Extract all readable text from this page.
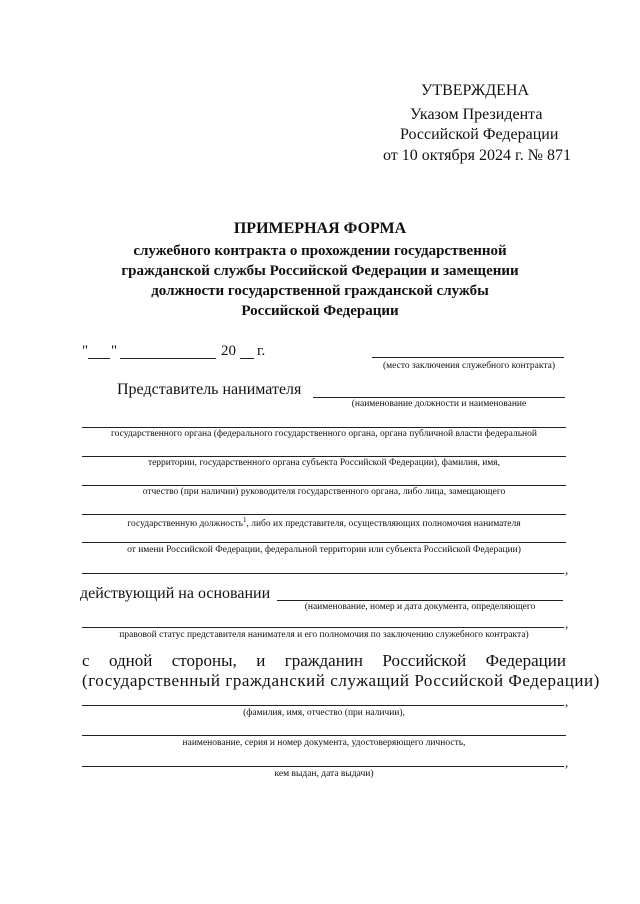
УТВЕРЖДЕНА
Указом Президента
Российской Федерации
от 10 октября 2024 г. № 871
ПРИМЕРНАЯ ФОРМА
служебного контракта о прохождении государственной
гражданской службы Российской Федерации и замещении
должности государственной гражданской службы
Российской Федерации
" "	20 г.
(место заключения служебного контракта)
Представитель нанимателя
(наименование должности и наименование
государственного органа (федерального государственного органа, органа публичной власти федеральной
территории, государственного органа субъекта Российской Федерации), фамилия, имя,
отчество (при наличии) руководителя государственного органа, либо лица, замещающего
государственную должность$^1$, либо их представителя, осуществляющих полномочия нанимателя
от имени Российской Федерации, федеральной территории или субъекта Российской Федерации)
,
действующий на основании
(наименование, номер и дата документа, определяющего
,
правовой статус представителя нанимателя и его полномочия по заключению служебного контракта)
с одной стороны, и гражданин Российской Федерации
(государственный гражданский служащий Российской Федерации)
,
(фамилия, имя, отчество (при наличии),
наименование, серия и номер документа, удостоверяющего личность,
,
кем выдан, дата выдачи)
